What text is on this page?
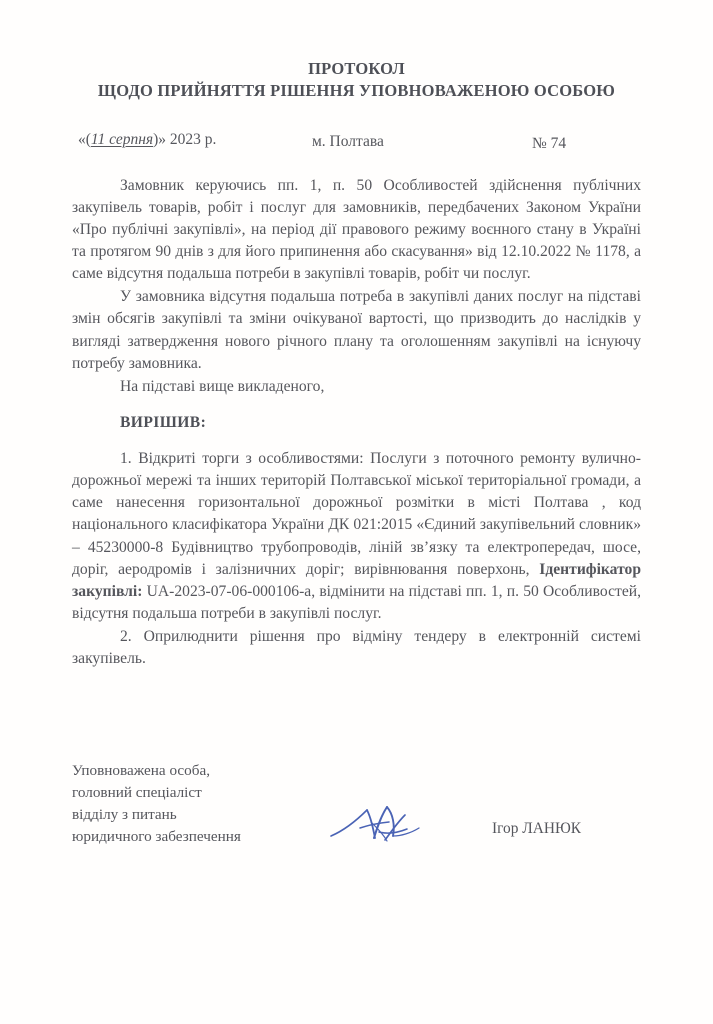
ПРОТОКОЛ
ЩОДО ПРИЙНЯТТЯ РІШЕННЯ УПОВНОВАЖЕНОЮ ОСОБОЮ
«(11 серпня)» 2023 р.	м. Полтава	№ 74

Замовник керуючись пп. 1, п. 50 Особливостей здійснення публічних закупівель товарів, робіт і послуг для замовників, передбачених Законом України «Про публічні закупівлі», на період дії правового режиму воєнного стану в Україні та протягом 90 днів з для його припинення або скасування» від 12.10.2022 № 1178, а саме відсутня подальша потреби в закупівлі товарів, робіт чи послуг.

У замовника відсутня подальша потреба в закупівлі даних послуг на підставі змін обсягів закупівлі та зміни очікуваної вартості, що призводить до наслідків у вигляді затвердження нового річного плану та оголошенням закупівлі на існуючу потребу замовника.

На підставі вище викладеного,

ВИРІШИВ:

1. Відкриті торги з особливостями: Послуги з поточного ремонту вулично-дорожньої мережі та інших територій Полтавської міської територіальної громади, а саме нанесення горизонтальної дорожньої розмітки в місті Полтава , код національного класифікатора України ДК 021:2015 «Єдиний закупівельний словник» – 45230000-8 Будівництво трубопроводів, ліній зв’язку та електропередач, шосе, доріг, аеродромів і залізничних доріг; вирівнювання поверхонь, Ідентифікатор закупівлі: UA-2023-07-06-000106-а, відмінити на підставі пп. 1, п. 50 Особливостей, відсутня подальша потреби в закупівлі послуг.

2. Оприлюднити рішення про відміну тендеру в електронній системі закупівель.

Уповноважена особа,
головний спеціаліст
відділу з питань
юридичного забезпечення	Ігор ЛАНЮК
